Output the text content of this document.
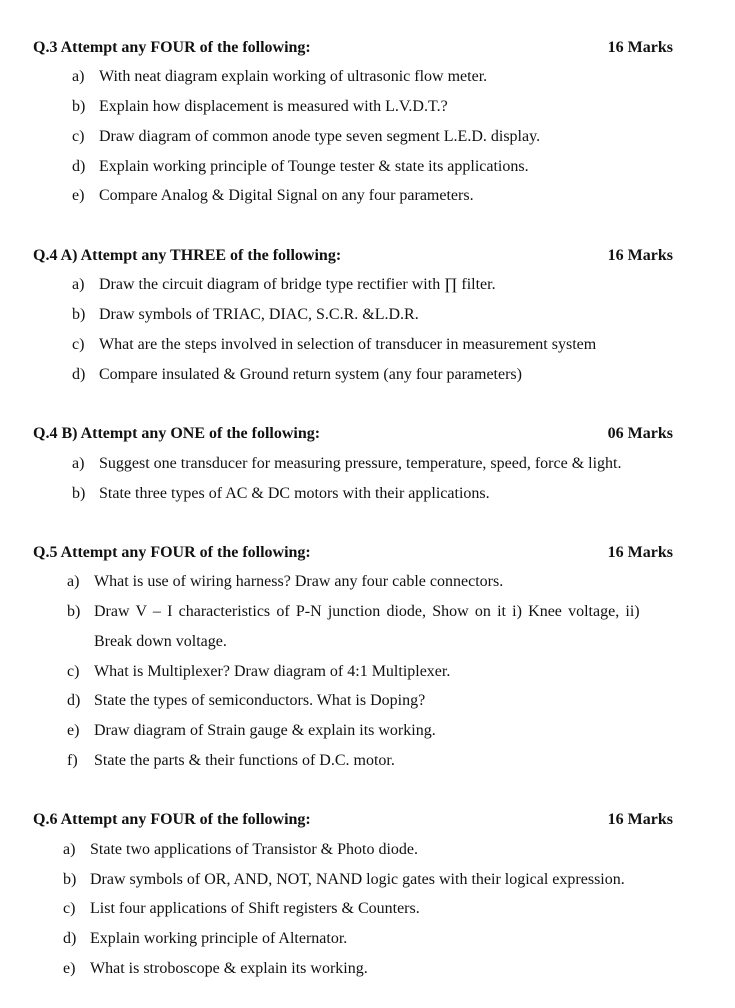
Q.3 Attempt any FOUR of the following:	16 Marks
a) With neat diagram explain working of ultrasonic flow meter.
b) Explain how displacement is measured with L.V.D.T.?
c) Draw diagram of common anode type seven segment L.E.D. display.
d) Explain working principle of Tounge tester & state its applications.
e) Compare Analog & Digital Signal on any four parameters.
Q.4 A) Attempt any THREE of the following:	16 Marks
a) Draw the circuit diagram of bridge type rectifier with ∏ filter.
b) Draw symbols of TRIAC, DIAC, S.C.R. &L.D.R.
c) What are the steps involved in selection of transducer in measurement system
d) Compare insulated & Ground return system (any four parameters)
Q.4 B) Attempt any ONE of the following:	06 Marks
a) Suggest one transducer for measuring pressure, temperature, speed, force & light.
b) State three types of AC & DC motors with their applications.
Q.5 Attempt any FOUR of the following:	16 Marks
a) What is use of wiring harness? Draw any four cable connectors.
b) Draw V – I characteristics of P-N junction diode, Show on it i) Knee voltage, ii)
Break down voltage.
c) What is Multiplexer? Draw diagram of 4:1 Multiplexer.
d) State the types of semiconductors. What is Doping?
e) Draw diagram of Strain gauge & explain its working.
f) State the parts & their functions of D.C. motor.
Q.6 Attempt any FOUR of the following:	16 Marks
a) State two applications of Transistor & Photo diode.
b) Draw symbols of OR, AND, NOT, NAND logic gates with their logical expression.
c) List four applications of Shift registers & Counters.
d) Explain working principle of Alternator.
e) What is stroboscope & explain its working.
